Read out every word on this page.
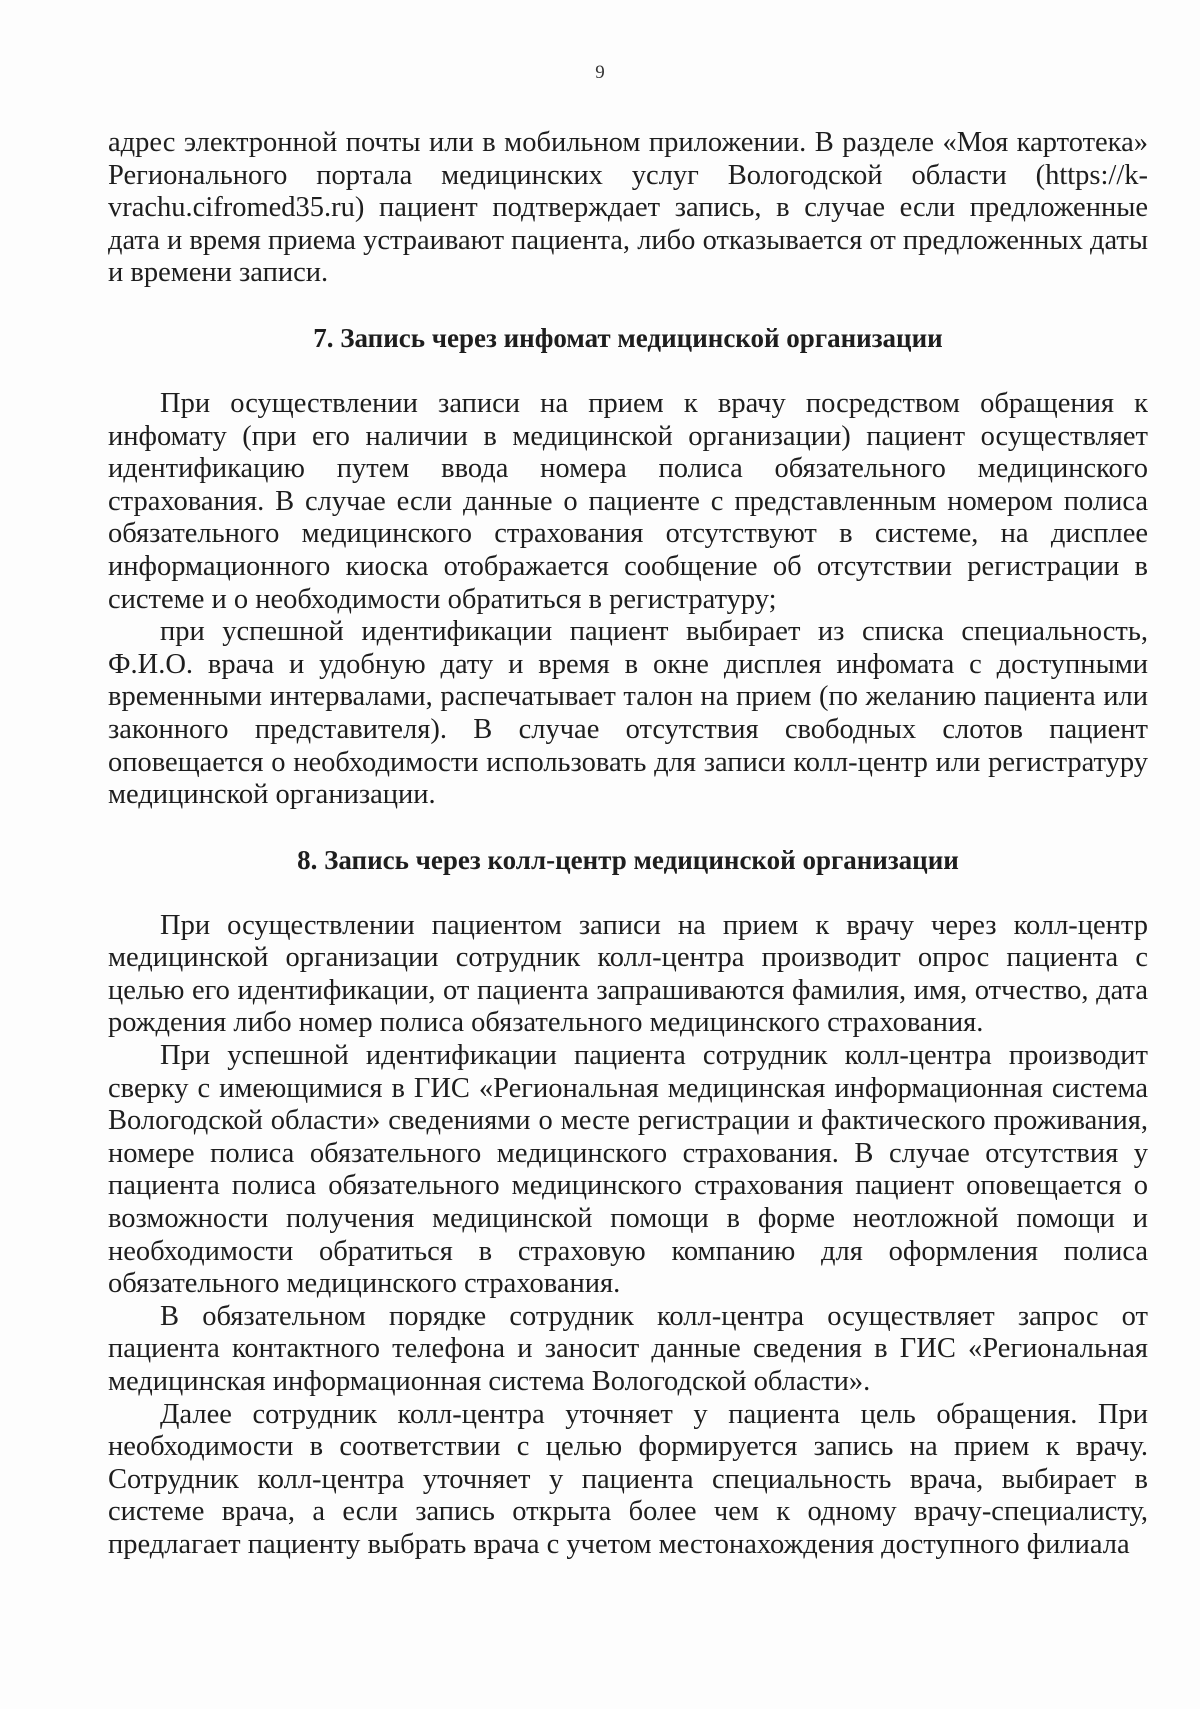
9

адрес электронной почты или в мобильном приложении. В разделе «Моя картотека» Регионального портала медицинских услуг Вологодской области (https://k-vrachu.cifromed35.ru) пациент подтверждает запись, в случае если предложенные дата и время приема устраивают пациента, либо отказывается от предложенных даты и времени записи.

7. Запись через инфомат медицинской организации

При осуществлении записи на прием к врачу посредством обращения к инфомату (при его наличии в медицинской организации) пациент осуществляет идентификацию путем ввода номера полиса обязательного медицинского страхования. В случае если данные о пациенте с представленным номером полиса обязательного медицинского страхования отсутствуют в системе, на дисплее информационного киоска отображается сообщение об отсутствии регистрации в системе и о необходимости обратиться в регистратуру;

при успешной идентификации пациент выбирает из списка специальность, Ф.И.О. врача и удобную дату и время в окне дисплея инфомата с доступными временными интервалами, распечатывает талон на прием (по желанию пациента или законного представителя). В случае отсутствия свободных слотов пациент оповещается о необходимости использовать для записи колл-центр или регистратуру медицинской организации.

8. Запись через колл-центр медицинской организации

При осуществлении пациентом записи на прием к врачу через колл-центр медицинской организации сотрудник колл-центра производит опрос пациента с целью его идентификации, от пациента запрашиваются фамилия, имя, отчество, дата рождения либо номер полиса обязательного медицинского страхования.

При успешной идентификации пациента сотрудник колл-центра производит сверку с имеющимися в ГИС «Региональная медицинская информационная система Вологодской области» сведениями о месте регистрации и фактического проживания, номере полиса обязательного медицинского страхования. В случае отсутствия у пациента полиса обязательного медицинского страхования пациент оповещается о возможности получения медицинской помощи в форме неотложной помощи и необходимости обратиться в страховую компанию для оформления полиса обязательного медицинского страхования.

В обязательном порядке сотрудник колл-центра осуществляет запрос от пациента контактного телефона и заносит данные сведения в ГИС «Региональная медицинская информационная система Вологодской области».

Далее сотрудник колл-центра уточняет у пациента цель обращения. При необходимости в соответствии с целью формируется запись на прием к врачу. Сотрудник колл-центра уточняет у пациента специальность врача, выбирает в системе врача, а если запись открыта более чем к одному врачу-специалисту, предлагает пациенту выбрать врача с учетом местонахождения доступного филиала
